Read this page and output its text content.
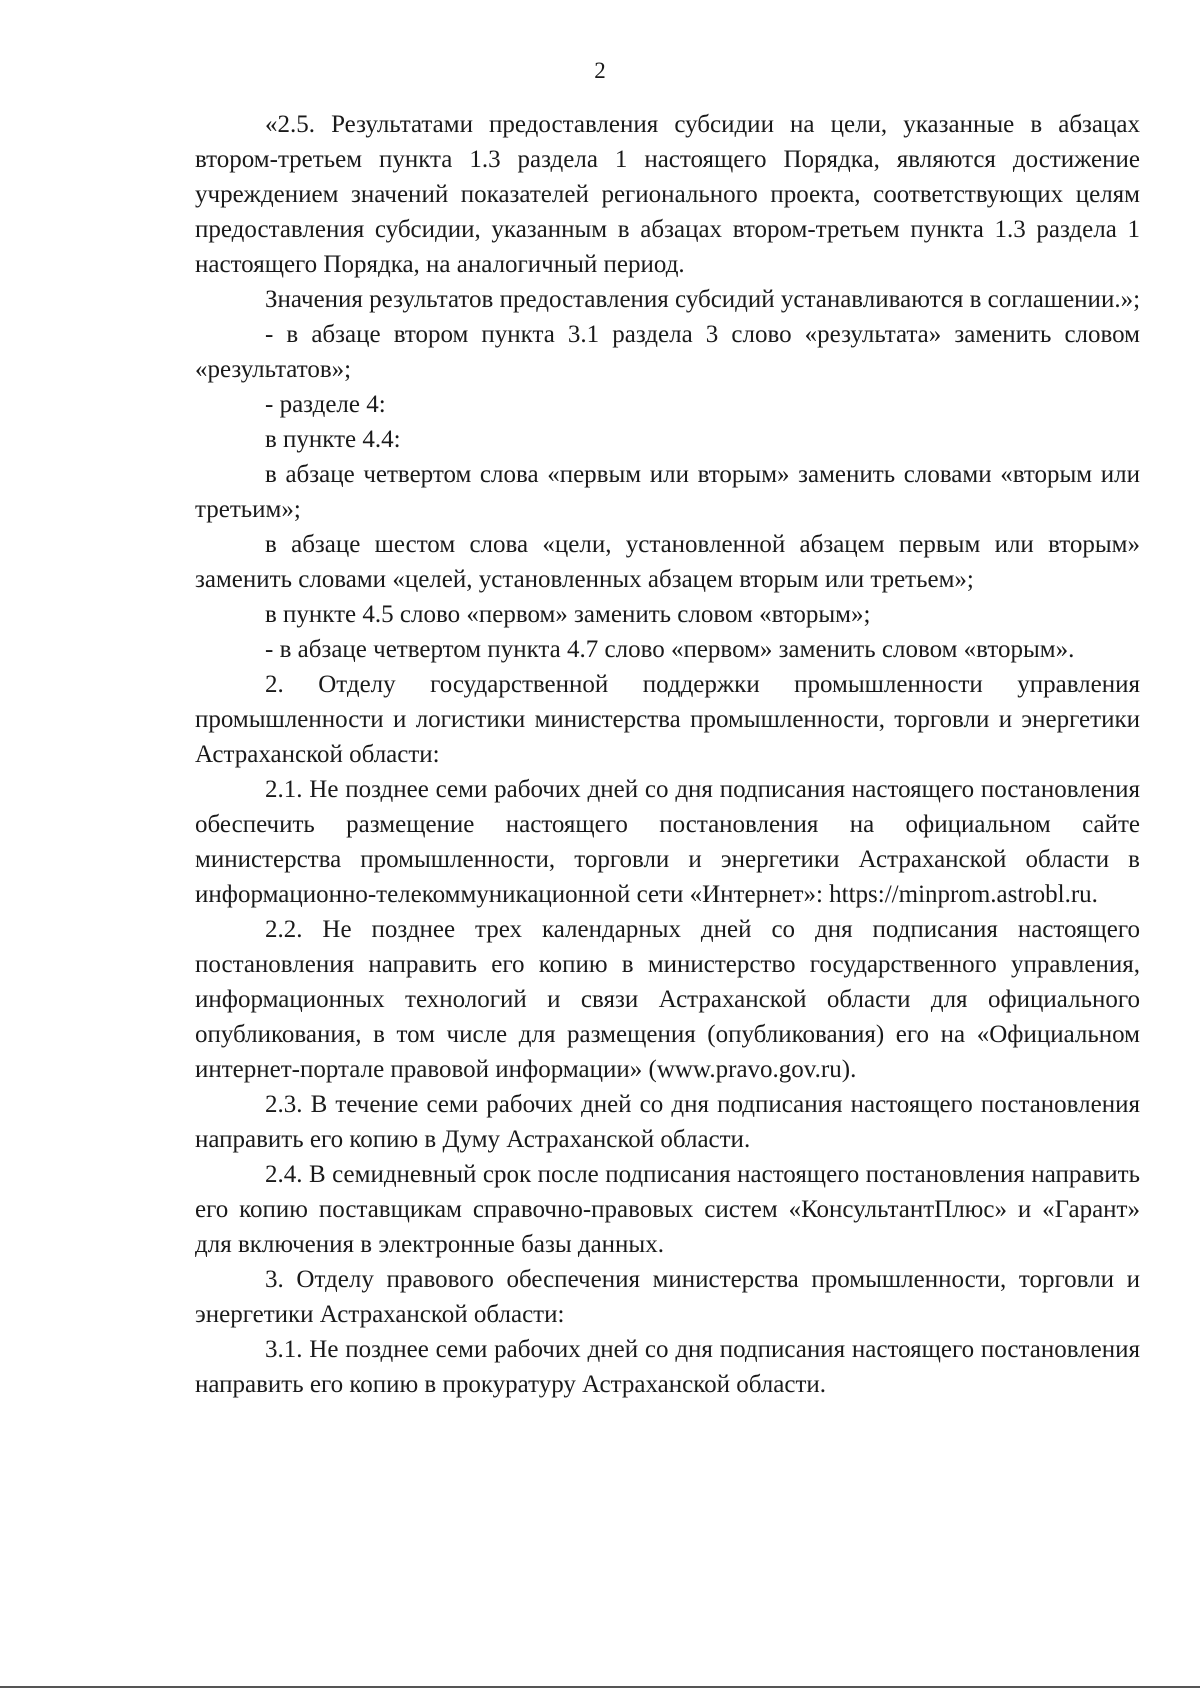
2

«2.5. Результатами предоставления субсидии на цели, указанные в абзацах втором-третьем пункта 1.3 раздела 1 настоящего Порядка, являются достижение учреждением значений показателей регионального проекта, соответствующих целям предоставления субсидии, указанным в абзацах втором-третьем пункта 1.3 раздела 1 настоящего Порядка, на аналогичный период.

Значения результатов предоставления субсидий устанавливаются в соглашении.»;

- в абзаце втором пункта 3.1 раздела 3 слово «результата» заменить словом «результатов»;

- разделе 4:

в пункте 4.4:

в абзаце четвертом слова «первым или вторым» заменить словами «вторым или третьим»;

в абзаце шестом слова «цели, установленной абзацем первым или вторым» заменить словами «целей, установленных абзацем вторым или третьем»;

в пункте 4.5 слово «первом» заменить словом «вторым»;

- в абзаце четвертом пункта 4.7 слово «первом» заменить словом «вторым».

2. Отделу государственной поддержки промышленности управления промышленности и логистики министерства промышленности, торговли и энергетики Астраханской области:

2.1. Не позднее семи рабочих дней со дня подписания настоящего постановления обеспечить размещение настоящего постановления на официальном сайте министерства промышленности, торговли и энергетики Астраханской области в информационно-телекоммуникационной сети «Интернет»: https://minprom.astrobl.ru.

2.2. Не позднее трех календарных дней со дня подписания настоящего постановления направить его копию в министерство государственного управления, информационных технологий и связи Астраханской области для официального опубликования, в том числе для размещения (опубликования) его на «Официальном интернет-портале правовой информации» (www.pravo.gov.ru).

2.3. В течение семи рабочих дней со дня подписания настоящего постановления направить его копию в Думу Астраханской области.

2.4. В семидневный срок после подписания настоящего постановления направить его копию поставщикам справочно-правовых систем «КонсультантПлюс» и «Гарант» для включения в электронные базы данных.

3. Отделу правового обеспечения министерства промышленности, торговли и энергетики Астраханской области:

3.1. Не позднее семи рабочих дней со дня подписания настоящего постановления направить его копию в прокуратуру Астраханской области.
